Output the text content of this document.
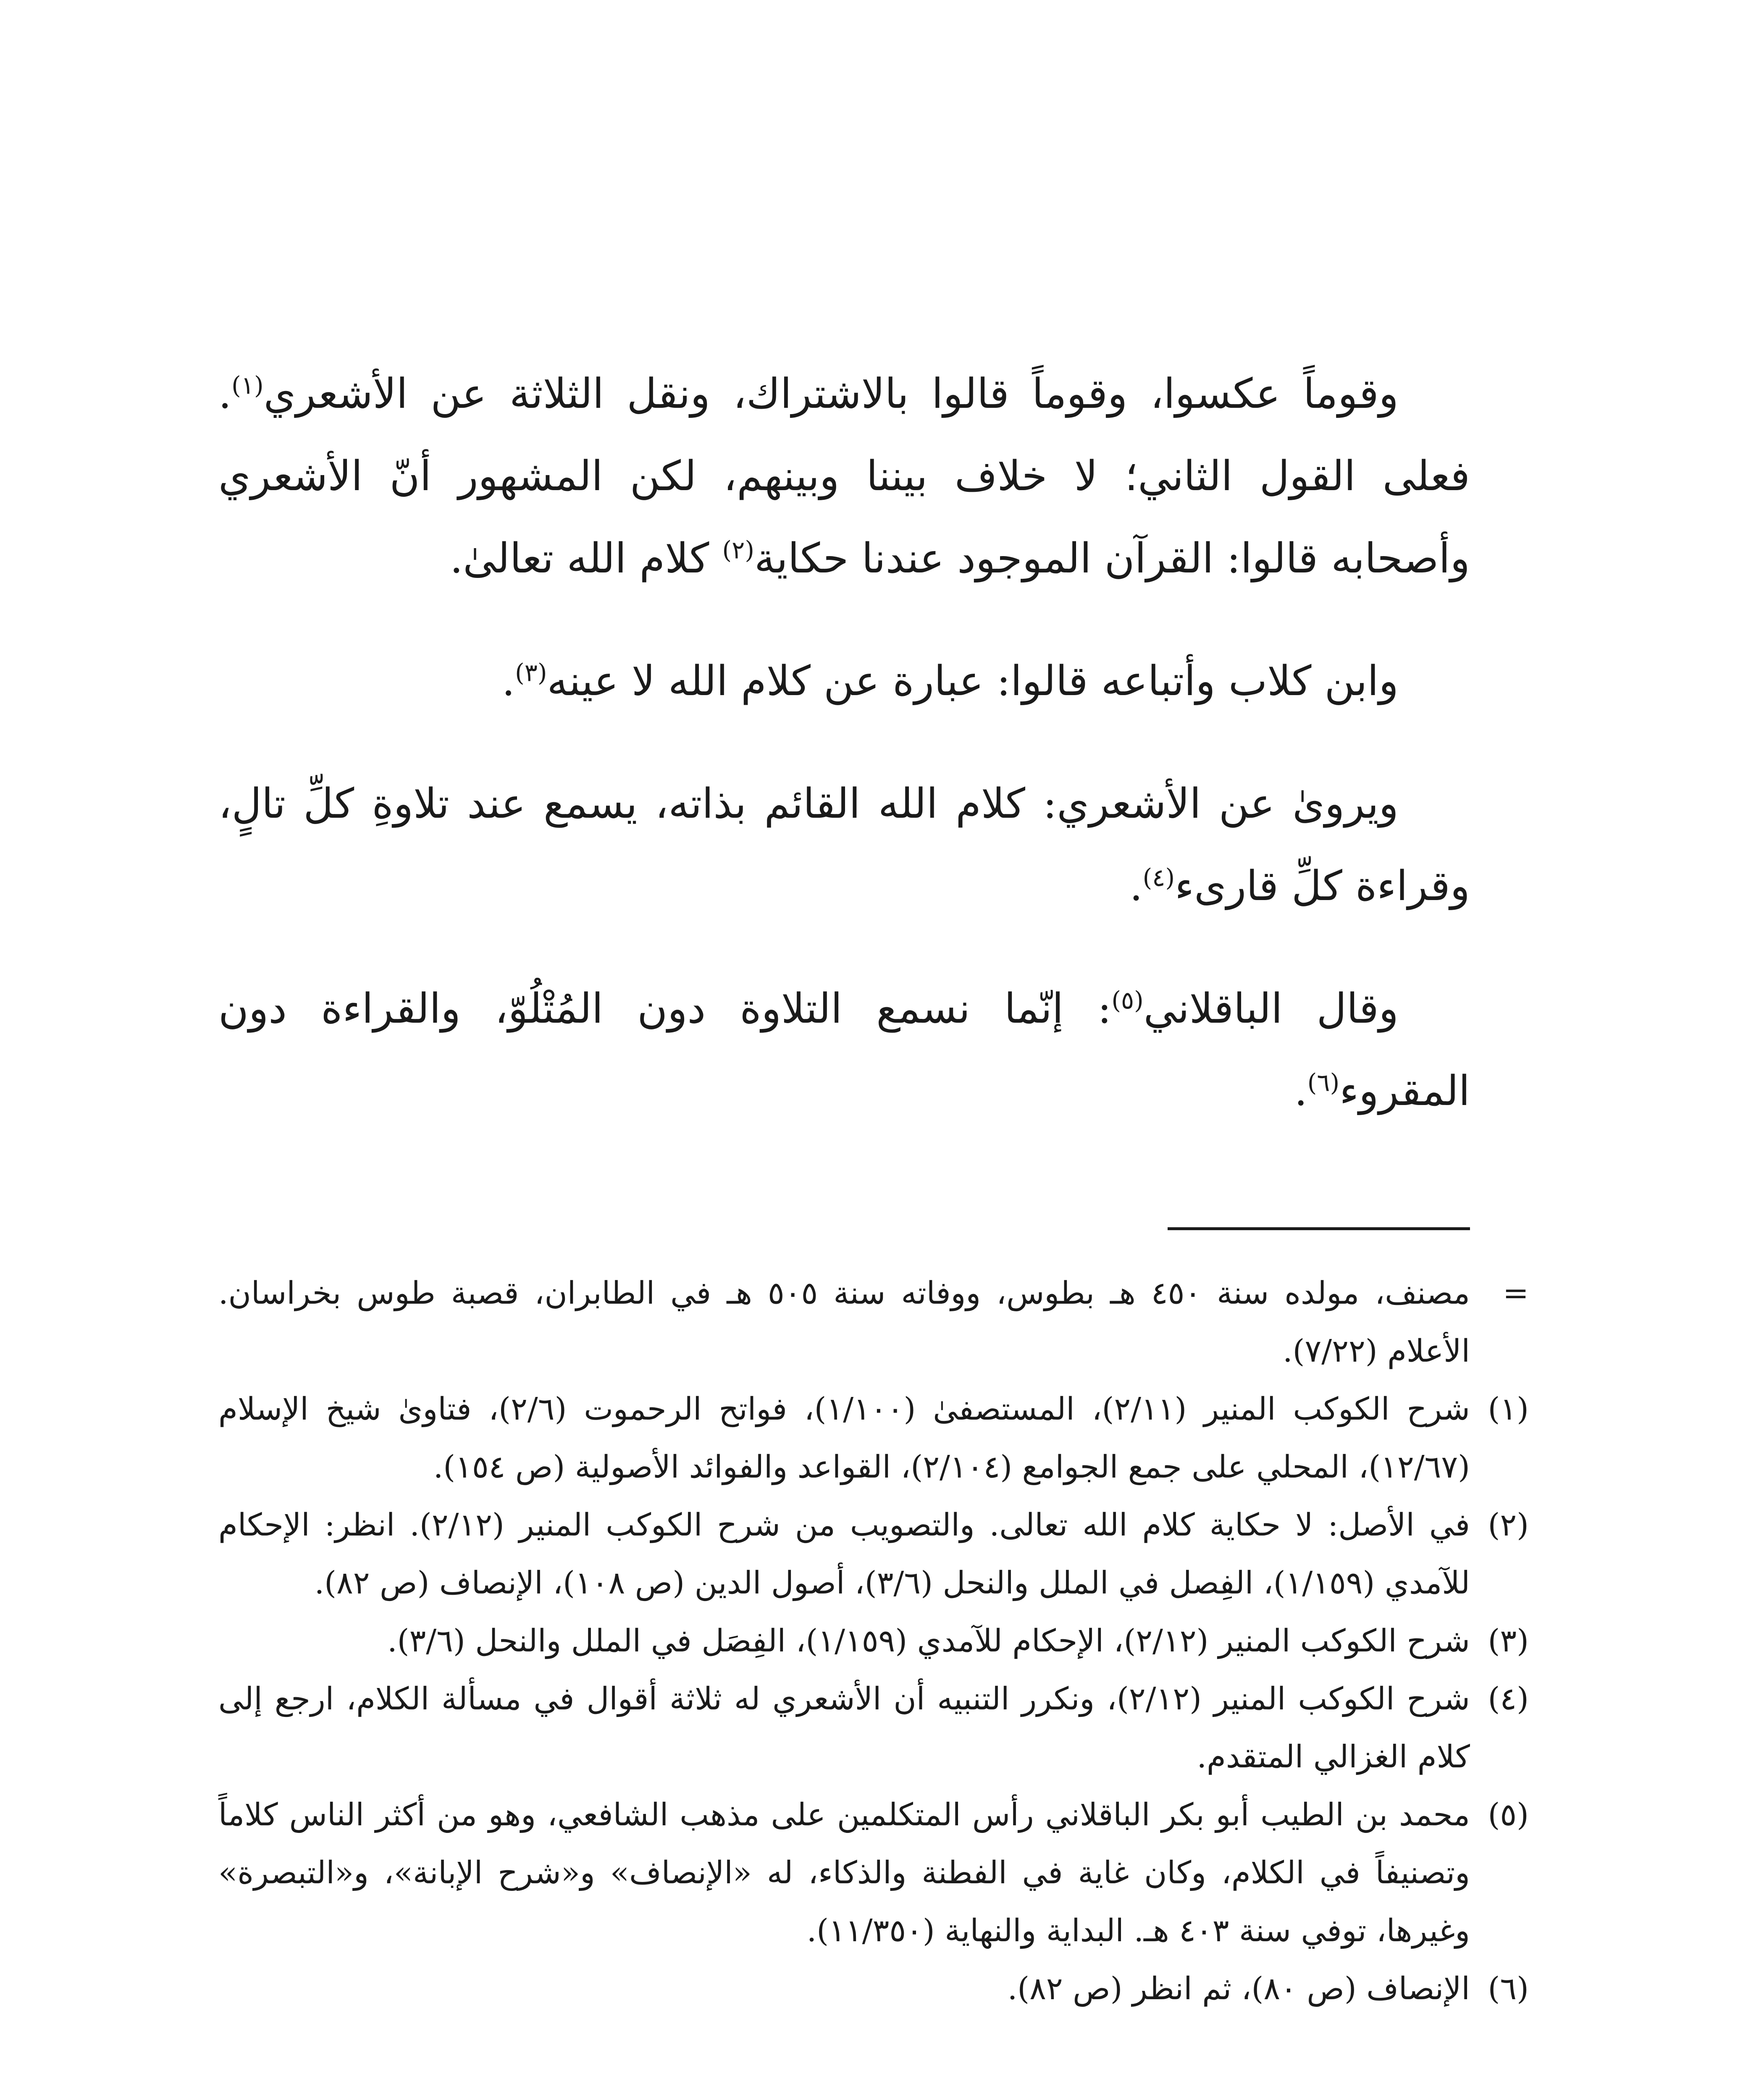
وقوماً عكسوا، وقوماً قالوا بالاشتراك، ونقل الثلاثة عن الأشعري$^{(١)}$. فعلى القول الثاني؛ لا خلاف بيننا وبينهم، لكن المشهور أنّ الأشعري وأصحابه قالوا: القرآن الموجود عندنا حكاية$^{(٢)}$ كلام الله تعالىٰ.

وابن كلاب وأتباعه قالوا: عبارة عن كلام الله لا عينه$^{(٣)}$.

ويروىٰ عن الأشعري: كلام الله القائم بذاته، يسمع عند تلاوةِ كلِّ تالٍ، وقراءة كلِّ قارىء$^{(٤)}$.

وقال الباقلاني$^{(٥)}$: إنّما نسمع التلاوة دون المُتْلُوّ، والقراءة دون المقروء$^{(٦)}$.

=
مصنف، مولده سنة ٤٥٠ هـ بطوس، ووفاته سنة ٥٠٥ هـ في الطابران، قصبة طوس بخراسان. الأعلام (٧/٢٢).
(١)
شرح الكوكب المنير (٢/١١)، المستصفىٰ (١/١٠٠)، فواتح الرحموت (٢/٦)، فتاوىٰ شيخ الإسلام (١٢/٦٧)، المحلي على جمع الجوامع (٢/١٠٤)، القواعد والفوائد الأصولية (ص ١٥٤).
(٢)
في الأصل: لا حكاية كلام الله تعالى. والتصويب من شرح الكوكب المنير (٢/١٢). انظر: الإحكام للآمدي (١/١٥٩)، الفِصل في الملل والنحل (٣/٦)، أصول الدين (ص ١٠٨)، الإنصاف (ص ٨٢).
(٣)
شرح الكوكب المنير (٢/١٢)، الإحكام للآمدي (١/١٥٩)، الفِصَل في الملل والنحل (٣/٦).
(٤)
شرح الكوكب المنير (٢/١٢)، ونكرر التنبيه أن الأشعري له ثلاثة أقوال في مسألة الكلام، ارجع إلى كلام الغزالي المتقدم.
(٥)
محمد بن الطيب أبو بكر الباقلاني رأس المتكلمين على مذهب الشافعي، وهو من أكثر الناس كلاماً وتصنيفاً في الكلام، وكان غاية في الفطنة والذكاء، له «الإنصاف» و«شرح الإبانة»، و«التبصرة» وغيرها، توفي سنة ٤٠٣ هـ. البداية والنهاية (١١/٣٥٠).
(٦)
الإنصاف (ص ٨٠)، ثم انظر (ص ٨٢).
